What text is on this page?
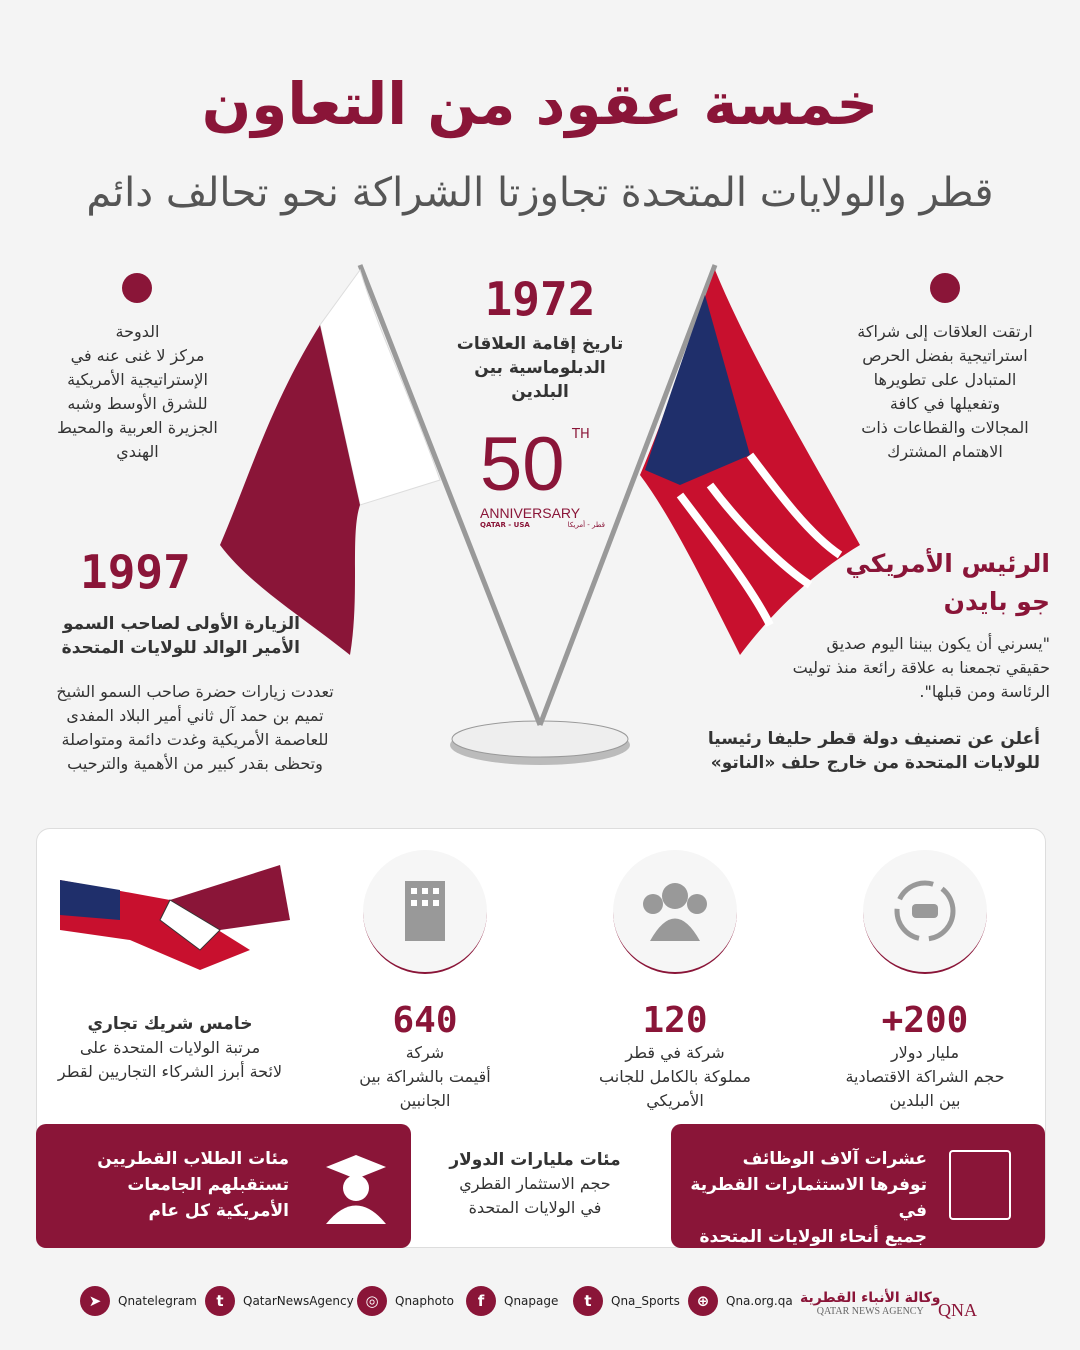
خمسة عقود من التعاون
قطر والولايات المتحدة تجاوزتا الشراكة نحو تحالف دائم
الدوحة
مركز لا غنى عنه في
الإستراتيجية الأمريكية
للشرق الأوسط وشبه
الجزيرة العربية والمحيط
الهندي
ارتقت العلاقات إلى شراكة
استراتيجية بفضل الحرص
المتبادل على تطويرها
وتفعيلها في كافة
المجالات والقطاعات ذات
الاهتمام المشترك
1972
تاريخ إقامة العلاقات
الدبلوماسية بين
البلدين
50 TH
ANNIVERSARY
QATAR - USA	قطر - أمريكا
1997
الزيارة الأولى لصاحب السمو
الأمير الوالد للولايات المتحدة
تعددت زيارات حضرة صاحب السمو الشيخ
تميم بن حمد آل ثاني أمير البلاد المفدى
للعاصمة الأمريكية وغدت دائمة ومتواصلة
وتحظى بقدر كبير من الأهمية والترحيب
الرئيس الأمريكي
جو بايدن
"يسرني أن يكون بيننا اليوم صديق
حقيقي تجمعنا به علاقة رائعة منذ توليت
الرئاسة ومن قبلها".
أعلن عن تصنيف دولة قطر حليفا رئيسيا
للولايات المتحدة من خارج حلف «الناتو»
+200
مليار دولار
حجم الشراكة الاقتصادية
بين البلدين
120
شركة في قطر
مملوكة بالكامل للجانب
الأمريكي
640
شركة
أقيمت بالشراكة بين
الجانبين
خامس شريك تجاري
مرتبة الولايات المتحدة على
لائحة أبرز الشركاء التجاريين لقطر
عشرات آلاف الوظائف
توفرها الاستثمارات القطرية في
جميع أنحاء الولايات المتحدة
مئات مليارات الدولار
حجم الاستثمار القطري
في الولايات المتحدة
مئات الطلاب القطريين
تستقبلهم الجامعات
الأمريكية كل عام
➤	Qnatelegram	t	QatarNewsAgency ◎	Qnaphoto	f	Qnapage	t	Qna_Sports	⊕	Qna.org.qa وكالة الأنباء القطرية
QATAR NEWS AGENCY QNA
